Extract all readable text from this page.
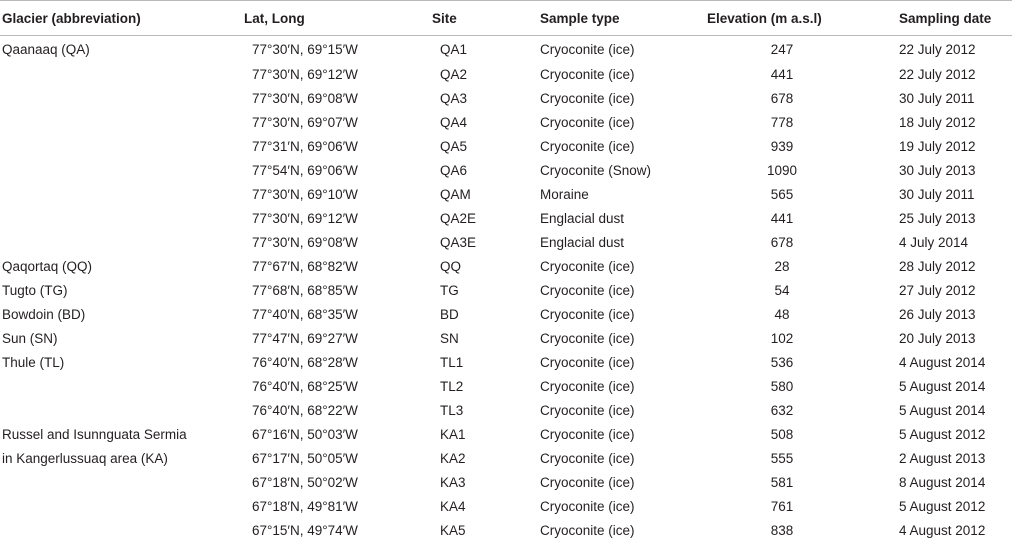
Glacier (abbreviation)	Lat, Long	Site	Sample type	Elevation (m a.s.l)	Sampling date
Qaanaaq (QA)	77°30′N, 69°15′W	QA1	Cryoconite (ice)	247	22 July 2012
	77°30′N, 69°12′W	QA2	Cryoconite (ice)	441	22 July 2012
	77°30′N, 69°08′W	QA3	Cryoconite (ice)	678	30 July 2011
	77°30′N, 69°07′W	QA4	Cryoconite (ice)	778	18 July 2012
	77°31′N, 69°06′W	QA5	Cryoconite (ice)	939	19 July 2012
	77°54′N, 69°06′W	QA6	Cryoconite (Snow)	1090	30 July 2013
	77°30′N, 69°10′W	QAM	Moraine	565	30 July 2011
	77°30′N, 69°12′W	QA2E	Englacial dust	441	25 July 2013
	77°30′N, 69°08′W	QA3E	Englacial dust	678	4 July 2014
Qaqortaq (QQ)	77°67′N, 68°82′W	QQ	Cryoconite (ice)	28	28 July 2012
Tugto (TG)	77°68′N, 68°85′W	TG	Cryoconite (ice)	54	27 July 2012
Bowdoin (BD)	77°40′N, 68°35′W	BD	Cryoconite (ice)	48	26 July 2013
Sun (SN)	77°47′N, 69°27′W	SN	Cryoconite (ice)	102	20 July 2013
Thule (TL)	76°40′N, 68°28′W	TL1	Cryoconite (ice)	536	4 August 2014
	76°40′N, 68°25′W	TL2	Cryoconite (ice)	580	5 August 2014
	76°40′N, 68°22′W	TL3	Cryoconite (ice)	632	5 August 2014
Russel and Isunnguata Sermia	67°16′N, 50°03′W	KA1	Cryoconite (ice)	508	5 August 2012
in Kangerlussuaq area (KA)	67°17′N, 50°05′W	KA2	Cryoconite (ice)	555	2 August 2013
	67°18′N, 50°02′W	KA3	Cryoconite (ice)	581	8 August 2014
	67°18′N, 49°81′W	KA4	Cryoconite (ice)	761	5 August 2012
	67°15′N, 49°74′W	KA5	Cryoconite (ice)	838	4 August 2012
